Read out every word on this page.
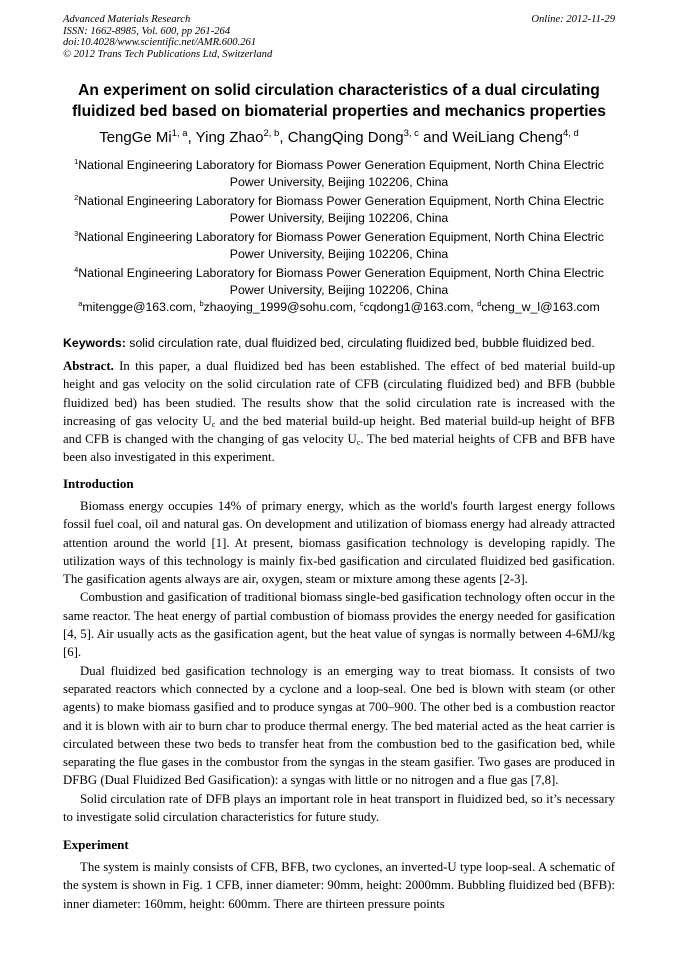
Advanced Materials Research
ISSN: 1662-8985, Vol. 600, pp 261-264
doi:10.4028/www.scientific.net/AMR.600.261
© 2012 Trans Tech Publications Ltd, Switzerland
Online: 2012-11-29
An experiment on solid circulation characteristics of a dual circulating fluidized bed based on biomaterial properties and mechanics properties
TengGe Mi$^{1, a}$, Ying Zhao$^{2, b}$, ChangQing Dong$^{3, c}$ and WeiLiang Cheng$^{4, d}$
$^1$National Engineering Laboratory for Biomass Power Generation Equipment, North China Electric
Power University, Beijing 102206, China
$^2$National Engineering Laboratory for Biomass Power Generation Equipment, North China Electric
Power University, Beijing 102206, China
$^3$National Engineering Laboratory for Biomass Power Generation Equipment, North China Electric
Power University, Beijing 102206, China
$^4$National Engineering Laboratory for Biomass Power Generation Equipment, North China Electric
Power University, Beijing 102206, China
$^a$mitengge@163.com, $^b$zhaoying_1999@sohu.com, $^c$cqdong1@163.com, $^d$cheng_w_l@163.com
Keywords: solid circulation rate, dual fluidized bed, circulating fluidized bed, bubble fluidized bed.
Abstract. In this paper, a dual fluidized bed has been established. The effect of bed material build-up height and gas velocity on the solid circulation rate of CFB (circulating fluidized bed) and BFB (bubble fluidized bed) has been studied. The results show that the solid circulation rate is increased with the increasing of gas velocity $U_c$ and the bed material build-up height. Bed material build-up height of BFB and CFB is changed with the changing of gas velocity $U_c$. The bed material heights of CFB and BFB have been also investigated in this experiment.
Introduction

Biomass energy occupies 14% of primary energy, which as the world's fourth largest energy follows fossil fuel coal, oil and natural gas. On development and utilization of biomass energy had already attracted attention around the world [1]. At present, biomass gasification technology is developing rapidly. The utilization ways of this technology is mainly fix-bed gasification and circulated fluidized bed gasification. The gasification agents always are air, oxygen, steam or mixture among these agents [2-3].

Combustion and gasification of traditional biomass single-bed gasification technology often occur in the same reactor. The heat energy of partial combustion of biomass provides the energy needed for gasification [4, 5]. Air usually acts as the gasification agent, but the heat value of syngas is normally between 4-6MJ/kg [6].

Dual fluidized bed gasification technology is an emerging way to treat biomass. It consists of two separated reactors which connected by a cyclone and a loop-seal. One bed is blown with steam (or other agents) to make biomass gasified and to produce syngas at 700–900. The other bed is a combustion reactor and it is blown with air to burn char to produce thermal energy. The bed material acted as the heat carrier is circulated between these two beds to transfer heat from the combustion bed to the gasification bed, while separating the flue gases in the combustor from the syngas in the steam gasifier. Two gases are produced in DFBG (Dual Fluidized Bed Gasification): a syngas with little or no nitrogen and a flue gas [7,8].

Solid circulation rate of DFB plays an important role in heat transport in fluidized bed, so it’s necessary to investigate solid circulation characteristics for future study.

Experiment

The system is mainly consists of CFB, BFB, two cyclones, an inverted-U type loop-seal. A schematic of the system is shown in Fig. 1 CFB, inner diameter: 90mm, height: 2000mm. Bubbling fluidized bed (BFB): inner diameter: 160mm, height: 600mm. There are thirteen pressure points
